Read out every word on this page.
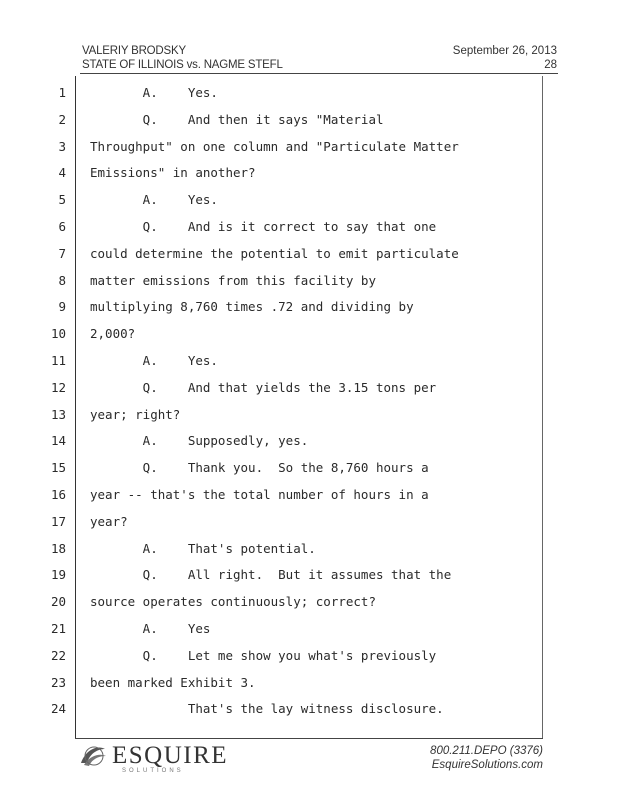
VALERIY BRODSKY
STATE OF ILLINOIS vs. NAGME STEFL
September 26, 2013
28
1 A.    Yes.
2 Q.    And then it says "Material
3 Throughput" on one column and "Particulate Matter
4 Emissions" in another?
5 A.    Yes.
6 Q.    And is it correct to say that one
7 could determine the potential to emit particulate
8 matter emissions from this facility by
9 multiplying 8,760 times .72 and dividing by
10 2,000?
11 A.    Yes.
12 Q.    And that yields the 3.15 tons per
13 year; right?
14 A.    Supposedly, yes.
15 Q.    Thank you.  So the 8,760 hours a
16 year -- that's the total number of hours in a
17 year?
18 A.    That's potential.
19 Q.    All right.  But it assumes that the
20 source operates continuously; correct?
21 A.    Yes
22 Q.    Let me show you what's previously
23 been marked Exhibit 3.
24 That's the lay witness disclosure.
ESQUIRE
SOLUTIONS
800.211.DEPO (3376)
EsquireSolutions.com
